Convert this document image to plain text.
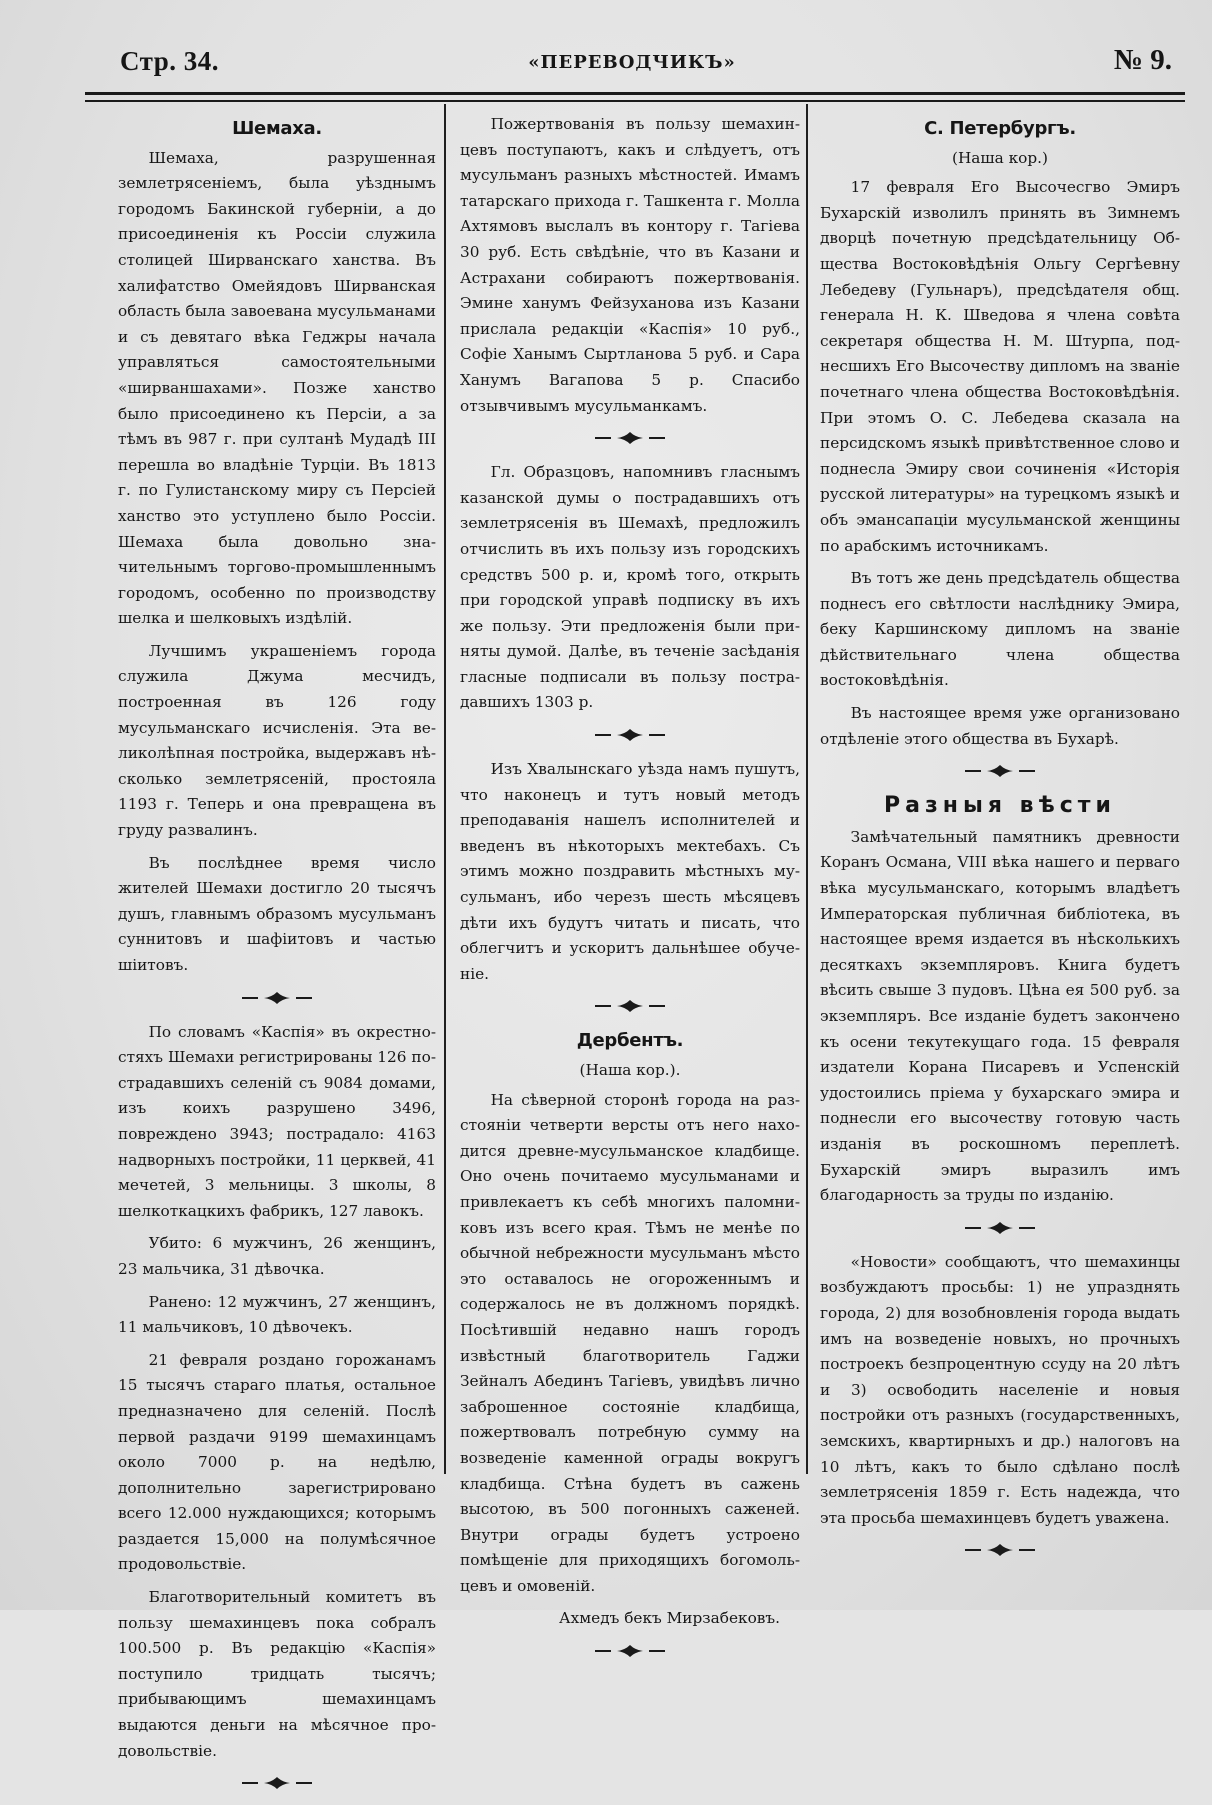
Стр. 34.	«ПЕРЕВОДЧИКЪ»	№ 9.
Шемаха.

Шемаха, разрушенная землетрясеніемъ, была уѣзднымъ городомъ Бакинской губерніи, а до присоединенія къ Россіи служила столицей Ширванскаго ханства. Въ халифатство Омейядовъ Ширванская область была завоевана мусульманами и съ девятаго вѣка Геджры начала управляться самостоятельными «ширваншахами». Позже ханство было присоединено къ Персіи, а за тѣмъ въ 987 г. при султанѣ Мудадѣ III перешла во владѣніе Турціи. Въ 1813 г. по Гулистанскому миру съ Персіей ханство это уступлено было Россіи. Шемаха была довольно значительнымъ торгово-промышленнымъ городомъ, особенно по производству шелка и шелковыхъ издѣлій.

Лучшимъ украшеніемъ города служила Джума месчидъ, построенная въ 126 году мусульманскаго исчисленія. Эта великолѣпная постройка, выдержавъ нѣсколько землетрясеній, простояла 1193 г. Теперь и она превращена въ груду развалинъ.

Въ послѣднее время число жителей Шемахи достигло 20 тысячъ душъ, главнымъ образомъ мусульманъ суннитовъ и шафіитовъ и частью шіитовъ.

По словамъ «Каспія» въ окрестностяхъ Шемахи регистрированы 126 пострадавшихъ селеній съ 9084 домами, изъ коихъ разрушено 3496, повреждено 3943; пострадало: 4163 надворныхъ постройки, 11 церквей, 41 мечетей, 3 мельницы. 3 школы, 8 шелкоткацкихъ фабрикъ, 127 лавокъ.

Убито: 6 мужчинъ, 26 женщинъ, 23 мальчика, 31 дѣвочка.

Ранено: 12 мужчинъ, 27 женщинъ, 11 мальчиковъ, 10 дѣвочекъ.

21 февраля роздано горожанамъ 15 тысячъ стараго платья, остальное предназначено для селеній. Послѣ первой раздачи 9199 шемахинцамъ около 7000 р. на недѣлю, дополнительно зарегистрировано всего 12.000 нуждающихся; которымъ раздается 15,000 на полумѣсячное продовольствіе.

Благотворительный комитетъ въ пользу шемахинцевъ пока собралъ 100.500 р. Въ редакцію «Каспія» поступило тридцать тысячъ; прибывающимъ шемахинцамъ выдаются деньги на мѣсячное продовольствіе.

Пожертвованія въ пользу шемахинцевъ поступаютъ, какъ и слѣдуетъ, отъ мусульманъ разныхъ мѣстностей. Имамъ татарскаго прихода г. Ташкента г. Молла Ахтямовъ выслалъ въ контору г. Тагіева 30 руб. Есть свѣдѣніе, что въ Казани и Астрахани собираютъ пожертвованія. Эмине ханумъ Фейзуханова изъ Казани прислала редакціи «Каспія» 10 руб., Софіе Ханымъ Сыртланова 5 руб. и Сара Ханумъ Вагапова 5 р. Спасибо отзывчивымъ мусульманкамъ.

Гл. Образцовъ, напомнивъ гласнымъ казанской думы о пострадавшихъ отъ землетрясенія въ Шемахѣ, предложилъ отчислить въ ихъ пользу изъ городскихъ средствъ 500 р. и, кромѣ того, открыть при городской управѣ подписку въ ихъ же пользу. Эти предложенія были приняты думой. Далѣе, въ теченіе засѣданія гласные подписали въ пользу пострадавшихъ 1303 р.

Изъ Хвалынскаго уѣзда намъ пушутъ, что наконецъ и тутъ новый методъ преподаванія нашелъ исполнителей и введенъ въ нѣкоторыхъ мектебахъ. Съ этимъ можно поздравить мѣстныхъ мусульманъ, ибо черезъ шесть мѣсяцевъ дѣти ихъ будутъ читать и писать, что облегчитъ и ускоритъ дальнѣшее обученіе.

Дербентъ.

(Наша кор.).

На сѣверной сторонѣ города на разстояніи четверти версты отъ него находится древне-мусульманское кладбище. Оно очень почитаемо мусульманами и привлекаетъ къ себѣ многихъ паломниковъ изъ всего края. Тѣмъ не менѣе по обычной небрежности мусульманъ мѣсто это оставалось не огороженнымъ и содержалось не въ должномъ порядкѣ. Посѣтившій недавно нашъ городъ извѣстный благотворитель Гаджи Зейналъ Абединъ Тагіевъ, увидѣвъ лично заброшенное состояніе кладбища, пожертвовалъ потребную сумму на возведеніе каменной ограды вокругъ кладбища. Стѣна будетъ въ сажень высотою, въ 500 погонныхъ саженей. Внутри ограды будетъ устроено помѣщеніе для приходящихъ богомольцевъ и омовеній.

Ахмедъ бекъ Мирзабековъ.

С. Петербургъ.

(Наша кор.)

17 февраля Его Высочесгво Эмиръ Бухарскій изволилъ принять въ Зимнемъ дворцѣ почетную предсѣдательницу Общества Востоковѣдѣнія Ольгу Сергѣевну Лебедеву (Гульнаръ), предсѣдателя общ. генерала Н. К. Шведова я члена совѣта секретаря общества Н. М. Штурпа, поднесшихъ Его Высочеству дипломъ на званіе почетнаго члена общества Востоковѣдѣнія. При этомъ О. С. Лебедева сказала на персидскомъ языкѣ привѣтственное слово и поднесла Эмиру свои сочиненія «Исторія русской литературы» на турецкомъ языкѣ и объ эмансапаціи мусульманской женщины по арабскимъ источникамъ.

Въ тотъ же день предсѣдатель общества поднесъ его свѣтлости наслѣднику Эмира, беку Каршинскому дипломъ на званіе дѣйствительнаго члена общества востоковѣдѣнія.

Въ настоящее время уже организовано отдѣленіе этого общества въ Бухарѣ.

Разныя вѣсти

Замѣчательный памятникъ древности Коранъ Османа, VIII вѣка нашего и перваго вѣка мусульманскаго, которымъ владѣетъ Императорская публичная библіотека, въ настоящее время издается въ нѣсколькихъ десяткахъ экземпляровъ. Книга будетъ вѣсить свыше 3 пудовъ. Цѣна ея 500 руб. за экземпляръ. Все изданіе будетъ закончено къ осени текутекущаго года. 15 февраля издатели Корана Писаревъ и Успенскій удостоились пріема у бухарскаго эмира и поднесли его высочеству готовую часть изданія въ роскошномъ переплетѣ. Бухарскій эмиръ выразилъ имъ благодарность за труды по изданію.

«Новости» сообщаютъ, что шемахинцы возбуждаютъ просьбы: 1) не упразднять города, 2) для возобновленія города выдать имъ на возведеніе новыхъ, но прочныхъ построекъ безпроцентную ссуду на 20 лѣтъ и 3) освободить населеніе и новыя постройки отъ разныхъ (государственныхъ, земскихъ, квартирныхъ и др.) налоговъ на 10 лѣтъ, какъ то было сдѣлано послѣ землетрясенія 1859 г. Есть надежда, что эта просьба шемахинцевъ будетъ уважена.
